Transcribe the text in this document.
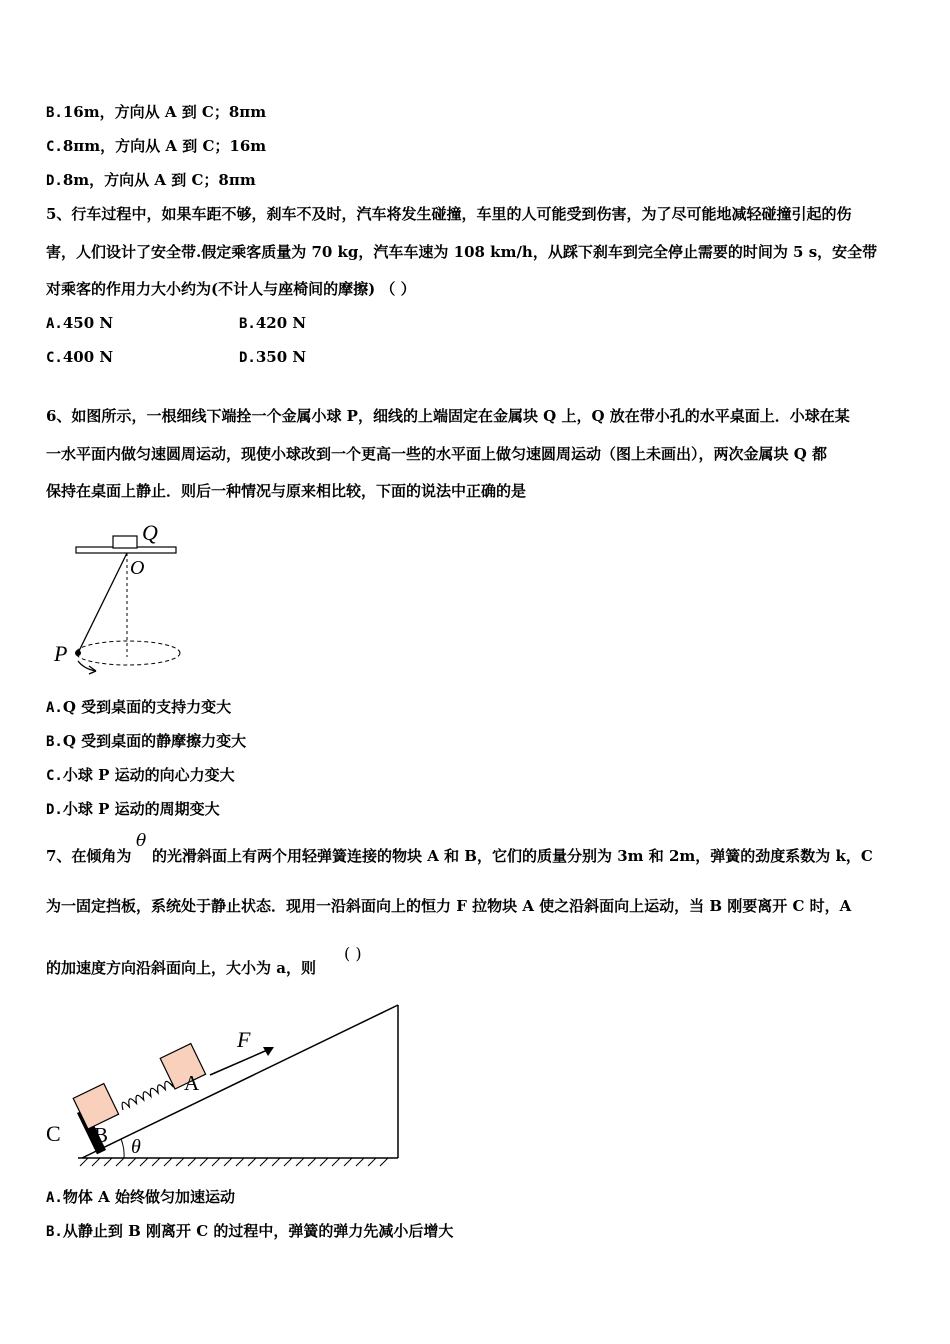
B.16m，方向从 A 到 C；8πm
C.8πm，方向从 A 到 C；16m
D.8m，方向从 A 到 C；8πm
5、行车过程中，如果车距不够，刹车不及时，汽车将发生碰撞，车里的人可能受到伤害，为了尽可能地减轻碰撞引起的伤
害，人们设计了安全带.假定乘客质量为 70 kg，汽车车速为 108 km/h，从踩下刹车到完全停止需要的时间为 5 s，安全带
对乘客的作用力大小约为(不计人与座椅间的摩擦) （ ）
A.450 N	B.420 N
C.400 N	D.350 N
6、如图所示，一根细线下端拴一个金属小球 P，细线的上端固定在金属块 Q 上，Q 放在带小孔的水平桌面上．小球在某
一水平面内做匀速圆周运动，现使小球改到一个更高一些的水平面上做匀速圆周运动（图上未画出），两次金属块 Q 都
保持在桌面上静止．则后一种情况与原来相比较，下面的说法中正确的是
Q
O
P
A.Q 受到桌面的支持力变大
B.Q 受到桌面的静摩擦力变大
C.小球 P 运动的向心力变大
D.小球 P 运动的周期变大
7、在倾角为
θ
的光滑斜面上有两个用轻弹簧连接的物块 A 和 B，它们的质量分别为 3m 和 2m，弹簧的劲度系数为 k，C
为一固定挡板，系统处于静止状态．现用一沿斜面向上的恒力 F 拉物块 A 使之沿斜面向上运动，当 B 刚要离开 C 时，A
的加速度方向沿斜面向上，大小为 a，则
( )
θ
C B
A
F
A.物体 A 始终做匀加速运动
B.从静止到 B 刚离开 C 的过程中，弹簧的弹力先减小后增大
